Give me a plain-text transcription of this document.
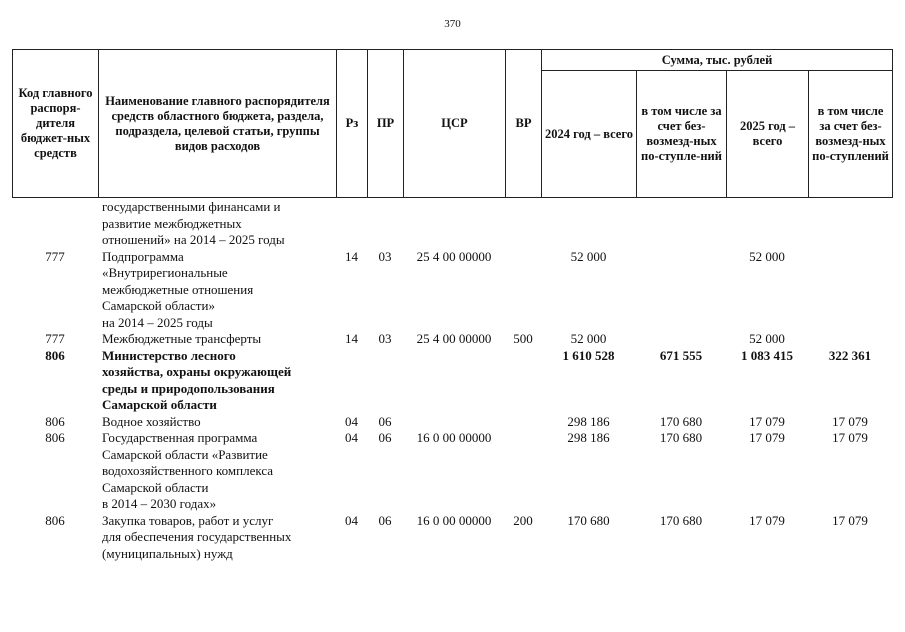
370
Код главного распоря-дителя бюджет-ных средств	Наименование главного распорядителя средств областного бюджета, раздела, подраздела, целевой статьи, группы видов расходов	Рз	ПР	ЦСР	ВР	Сумма, тыс. рублей			
						2024 год – всего	в том числе за счет без-возмезд-ных по-ступле-ний	2025 год – всего	в том числе за счет без-возмезд-ных по-ступлений
	государственными финансами и
развитие межбюджетных
отношений» на 2014 – 2025 годы								
777	Подпрограмма
«Внутрирегиональные
межбюджетные отношения
Самарской области»
на 2014 – 2025 годы	14	03	25 4 00 00000		52 000		52 000	
777	Межбюджетные трансферты	14	03	25 4 00 00000	500	52 000		52 000	
806	Министерство лесного
хозяйства, охраны окружающей
среды и природопользования
Самарской области					1 610 528	671 555	1 083 415	322 361
806	Водное хозяйство	04	06			298 186	170 680	17 079	17 079
806	Государственная программа
Самарской области «Развитие
водохозяйственного комплекса
Самарской области
в 2014 – 2030 годах»	04	06	16 0 00 00000		298 186	170 680	17 079	17 079
806	Закупка товаров, работ и услуг
для обеспечения государственных
(муниципальных) нужд	04	06	16 0 00 00000	200	170 680	170 680	17 079	17 079
